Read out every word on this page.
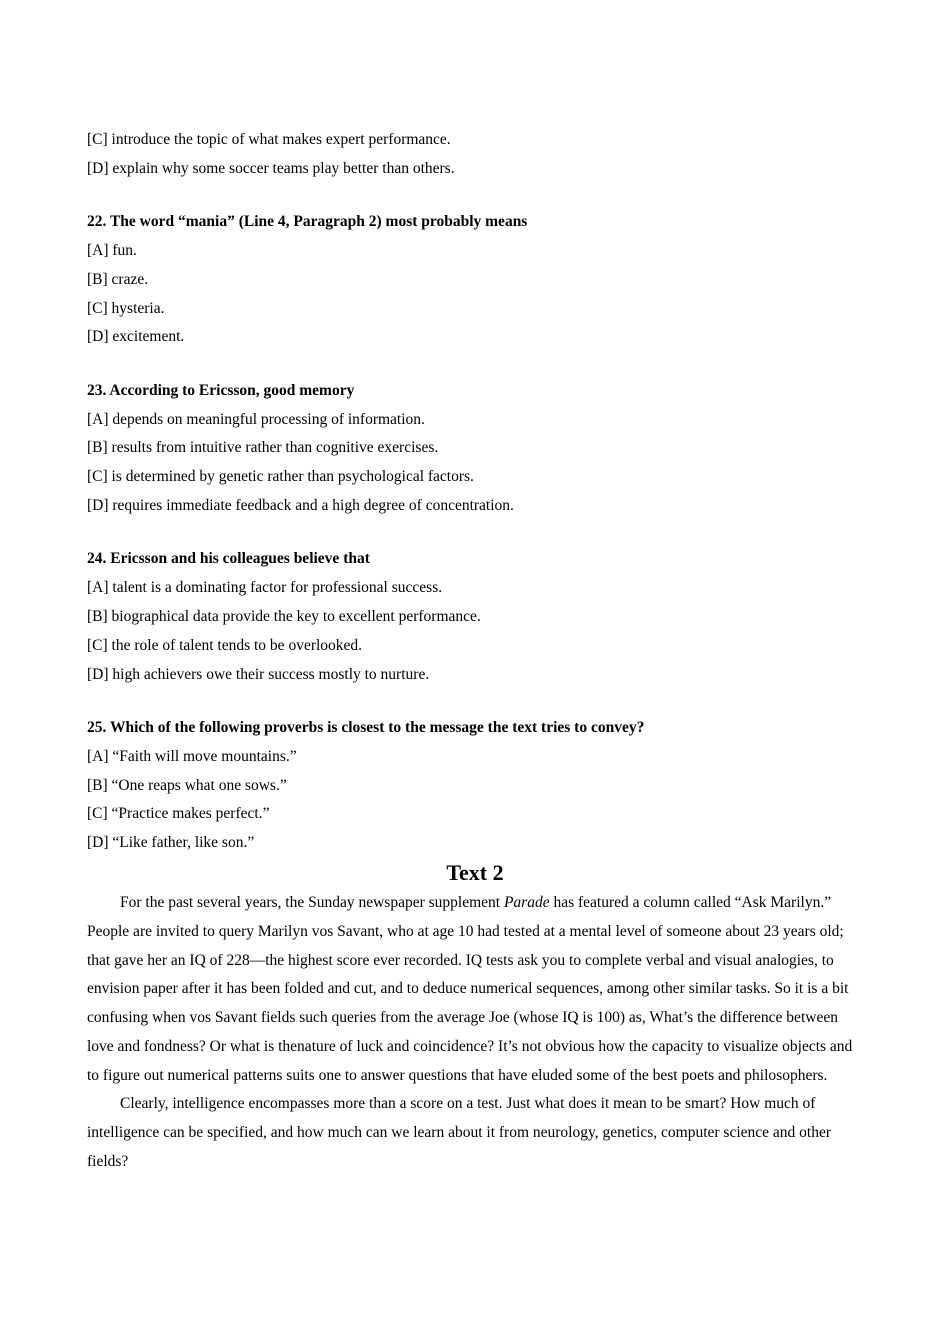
[C] introduce the topic of what makes expert performance.
[D] explain why some soccer teams play better than others.
22. The word “mania” (Line 4, Paragraph 2) most probably means
[A] fun.
[B] craze.
[C] hysteria.
[D] excitement.
23. According to Ericsson, good memory
[A] depends on meaningful processing of information.
[B] results from intuitive rather than cognitive exercises.
[C] is determined by genetic rather than psychological factors.
[D] requires immediate feedback and a high degree of concentration.
24. Ericsson and his colleagues believe that
[A] talent is a dominating factor for professional success.
[B] biographical data provide the key to excellent performance.
[C] the role of talent tends to be overlooked.
[D] high achievers owe their success mostly to nurture.
25. Which of the following proverbs is closest to the message the text tries to convey?
[A] “Faith will move mountains.”
[B] “One reaps what one sows.”
[C] “Practice makes perfect.”
[D] “Like father, like son.”
Text 2

For the past several years, the Sunday newspaper supplement Parade has featured a column called “Ask Marilyn.” People are invited to query Marilyn vos Savant, who at age 10 had tested at a mental level of someone about 23 years old; that gave her an IQ of 228—the highest score ever recorded. IQ tests ask you to complete verbal and visual analogies, to envision paper after it has been folded and cut, and to deduce numerical sequences, among other similar tasks. So it is a bit confusing when vos Savant fields such queries from the average Joe (whose IQ is 100) as, What’s the difference between love and fondness? Or what is thenature of luck and coincidence? It’s not obvious how the capacity to visualize objects and to figure out numerical patterns suits one to answer questions that have eluded some of the best poets and philosophers.

Clearly, intelligence encompasses more than a score on a test. Just what does it mean to be smart? How much of intelligence can be specified, and how much can we learn about it from neurology, genetics, computer science and other fields?
